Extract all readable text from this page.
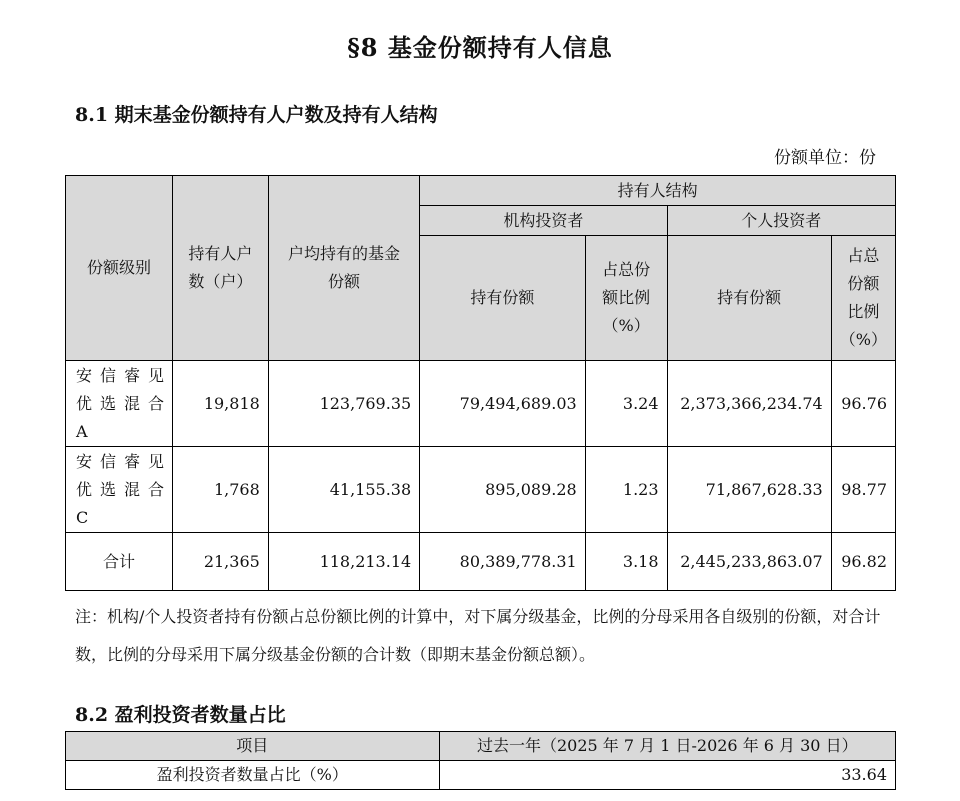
§8 基金份额持有人信息
8.1 期末基金份额持有人户数及持有人结构
份额单位：份
份额级别	持有人户数（户）	户均持有的基金份额	持有人结构			
			机构投资者		个人投资者	
			持有份额	占总份额比例（%）	持有份额	占总份额比例（%）
安信睿见优选混合A	19,818	123,769.35	79,494,689.03	3.24	2,373,366,234.74	96.76
安信睿见优选混合C	1,768	41,155.38	895,089.28	1.23	71,867,628.33	98.77
合计	21,365	118,213.14	80,389,778.31	3.18	2,445,233,863.07	96.82
注：机构/个人投资者持有份额占总份额比例的计算中，对下属分级基金，比例的分母采用各自级别的份额，对合计数，比例的分母采用下属分级基金份额的合计数（即期末基金份额总额）。
8.2 盈利投资者数量占比
项目	过去一年（2025 年 7 月 1 日-2026 年 6 月 30 日）
盈利投资者数量占比（%）	33.64
